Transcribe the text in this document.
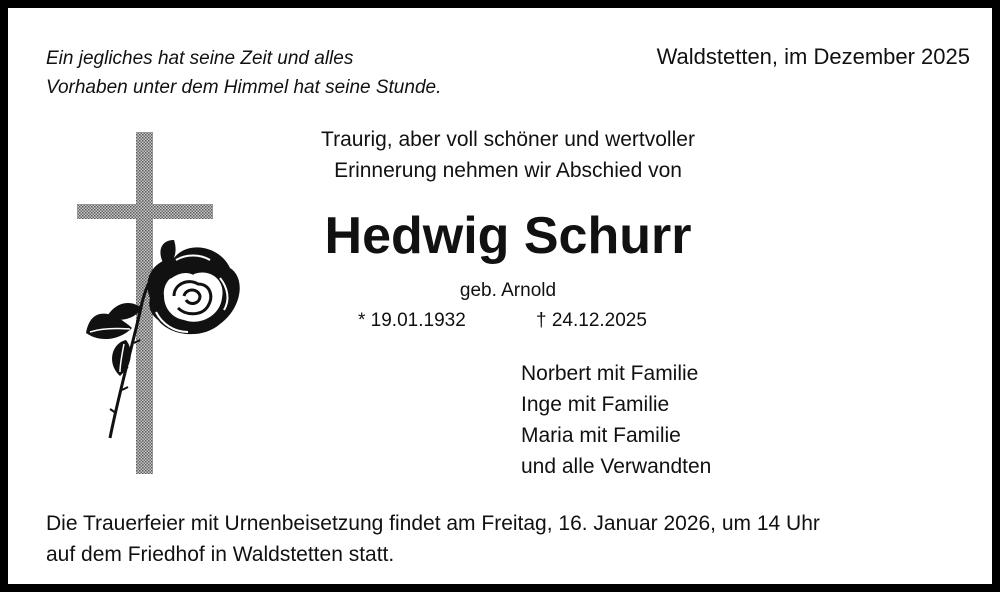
Ein jegliches hat seine Zeit und alles
Vorhaben unter dem Himmel hat seine Stunde.
Waldstetten, im Dezember 2025
Traurig, aber voll schöner und wertvoller
Erinnerung nehmen wir Abschied von
Hedwig Schurr
geb. Arnold
* 19.01.1932	† 24.12.2025
Norbert mit Familie
Inge mit Familie
Maria mit Familie
und alle Verwandten
Die Trauerfeier mit Urnenbeisetzung findet am Freitag, 16. Januar 2026, um 14 Uhr
auf dem Friedhof in Waldstetten statt.
